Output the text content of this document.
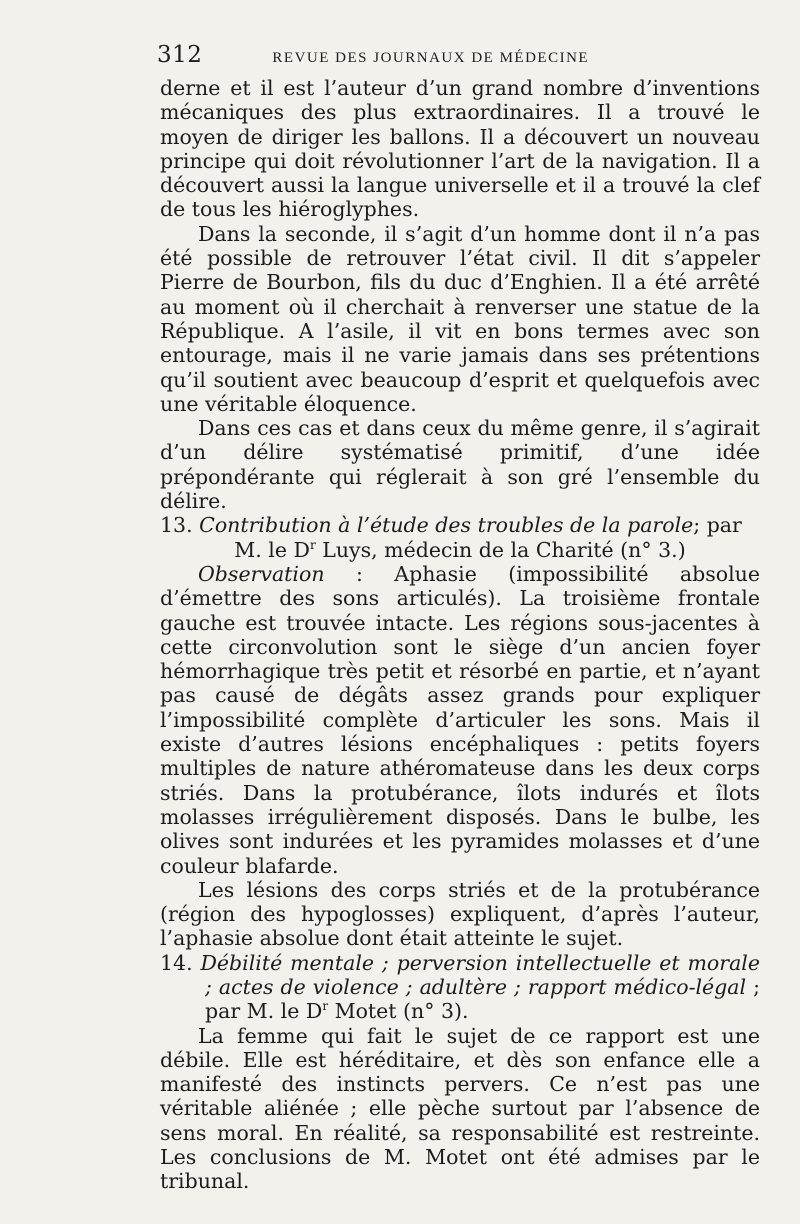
312	REVUE DES JOURNAUX DE MÉDECINE

derne et il est l’auteur d’un grand nombre d’inventions mécaniques des plus extraordinaires. Il a trouvé le moyen de diriger les ballons. Il a découvert un nouveau principe qui doit révolutionner l’art de la navigation. Il a découvert aussi la langue universelle et il a trouvé la clef de tous les hiéroglyphes.

Dans la seconde, il s’agit d’un homme dont il n’a pas été possible de retrouver l’état civil. Il dit s’appeler Pierre de Bourbon, fils du duc d’Enghien. Il a été arrêté au moment où il cherchait à renverser une statue de la République. A l’asile, il vit en bons termes avec son entourage, mais il ne varie jamais dans ses prétentions qu’il soutient avec beaucoup d’esprit et quelquefois avec une véritable éloquence.

Dans ces cas et dans ceux du même genre, il s’agirait d’un délire systématisé primitif, d’une idée prépondérante qui réglerait à son gré l’ensemble du délire.

13. Contribution à l’étude des troubles de la parole; par

M. le $D^r$ Luys, médecin de la Charité (n° 3.)

Observation : Aphasie (impossibilité absolue d’émettre des sons articulés). La troisième frontale gauche est trouvée intacte. Les régions sous-jacentes à cette circonvolution sont le siège d’un ancien foyer hémorrhagique très petit et résorbé en partie, et n’ayant pas causé de dégâts assez grands pour expliquer l’impossibilité complète d’articuler les sons. Mais il existe d’autres lésions encéphaliques : petits foyers multiples de nature athéromateuse dans les deux corps striés. Dans la protubérance, îlots indurés et îlots molasses irrégulièrement disposés. Dans le bulbe, les olives sont indurées et les pyramides molasses et d’une couleur blafarde.

Les lésions des corps striés et de la protubérance (région des hypoglosses) expliquent, d’après l’auteur, l’aphasie absolue dont était atteinte le sujet.

14. Débilité mentale ; perversion intellectuelle et morale ; actes de violence ; adultère ; rapport médico-légal ; par M. le $D^r$ Motet (n° 3).

La femme qui fait le sujet de ce rapport est une débile. Elle est héréditaire, et dès son enfance elle a manifesté des instincts pervers. Ce n’est pas une véritable aliénée ; elle pèche surtout par l’absence de sens moral. En réalité, sa responsabilité est restreinte. Les conclusions de M. Motet ont été admises par le tribunal.
